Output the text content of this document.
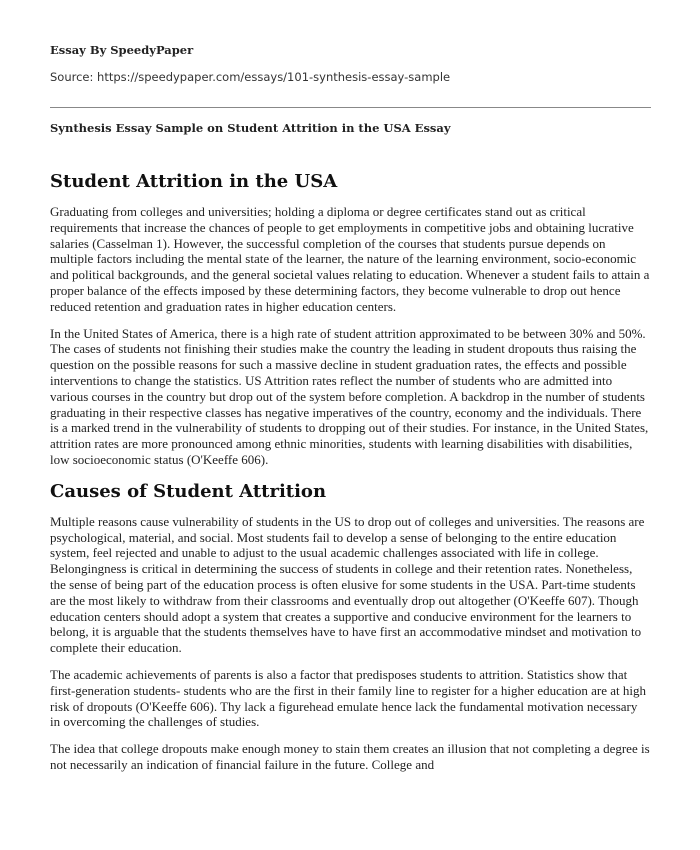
Essay By SpeedyPaper
Source: https://speedypaper.com/essays/101-synthesis-essay-sample
Synthesis Essay Sample on Student Attrition in the USA Essay
Student Attrition in the USA

Graduating from colleges and universities; holding a diploma or degree certificates stand out as critical requirements that increase the chances of people to get employments in competitive jobs and obtaining lucrative salaries (Casselman 1). However, the successful completion of the courses that students pursue depends on multiple factors including the mental state of the learner, the nature of the learning environment, socio-economic and political backgrounds, and the general societal values relating to education. Whenever a student fails to attain a proper balance of the effects imposed by these determining factors, they become vulnerable to drop out hence reduced retention and graduation rates in higher education centers.

In the United States of America, there is a high rate of student attrition approximated to be between 30% and 50%. The cases of students not finishing their studies make the country the leading in student dropouts thus raising the question on the possible reasons for such a massive decline in student graduation rates, the effects and possible interventions to change the statistics. US Attrition rates reflect the number of students who are admitted into various courses in the country but drop out of the system before completion. A backdrop in the number of students graduating in their respective classes has negative imperatives of the country, economy and the individuals. There is a marked trend in the vulnerability of students to dropping out of their studies. For instance, in the United States, attrition rates are more pronounced among ethnic minorities, students with learning disabilities with disabilities, low socioeconomic status (O'Keeffe 606).

Causes of Student Attrition

Multiple reasons cause vulnerability of students in the US to drop out of colleges and universities. The reasons are psychological, material, and social. Most students fail to develop a sense of belonging to the entire education system, feel rejected and unable to adjust to the usual academic challenges associated with life in college. Belongingness is critical in determining the success of students in college and their retention rates. Nonetheless, the sense of being part of the education process is often elusive for some students in the USA. Part-time students are the most likely to withdraw from their classrooms and eventually drop out altogether (O'Keeffe 607). Though education centers should adopt a system that creates a supportive and conducive environment for the learners to belong, it is arguable that the students themselves have to have first an accommodative mindset and motivation to complete their education.

The academic achievements of parents is also a factor that predisposes students to attrition. Statistics show that first-generation students- students who are the first in their family line to register for a higher education are at high risk of dropouts (O'Keeffe 606). Thy lack a figurehead emulate hence lack the fundamental motivation necessary in overcoming the challenges of studies.

The idea that college dropouts make enough money to stain them creates an illusion that not completing a degree is not necessarily an indication of financial failure in the future. College and
